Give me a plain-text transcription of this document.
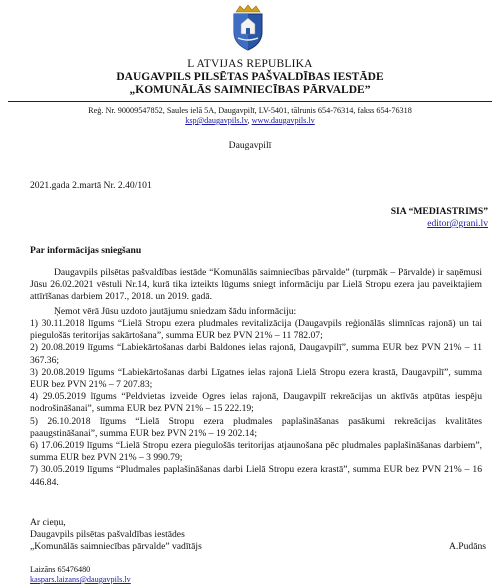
L ATVIJAS REPUBLIKA
DAUGAVPILS PILSĒTAS PAŠVALDĪBAS IESTĀDE
„KOMUNĀLĀS SAIMNIECĪBAS PĀRVALDE”
Reģ. Nr. 90009547852, Saules ielā 5A, Daugavpilī, LV-5401, tālrunis 654-76314, fakss 654-76318
ksp@daugavpils.lv, www.daugavpils.lv
Daugavpilī
2021.gada 2.martā Nr. 2.40/101
SIA “MEDIASTRIMS”
editor@grani.lv
Par informācijas sniegšanu
Daugavpils pilsētas pašvaldības iestāde “Komunālās saimniecības pārvalde” (turpmāk – Pārvalde) ir saņēmusi Jūsu 26.02.2021 vēstuli Nr.14, kurā tika izteikts lūgums sniegt informāciju par Lielā Stropu ezera jau paveiktajiem attīrīšanas darbiem 2017., 2018. un 2019. gadā.
Ņemot vērā Jūsu uzdoto jautājumu sniedzam šādu informāciju:
1) 30.11.2018 līgums “Lielā Stropu ezera pludmales revitalizācija (Daugavpils reģionālās slimnīcas rajonā) un tai piegulošās teritorijas sakārtošana”, summa EUR bez PVN 21% – 11 782.07;
2) 20.08.2019 līgums “Labiekārtošanas darbi Baldones ielas rajonā, Daugavpilī”, summa EUR bez PVN 21% – 11 367.36;
3) 20.08.2019 līgums “Labiekārtošanas darbi Līgatnes ielas rajonā Lielā Stropu ezera krastā, Daugavpilī”, summa EUR bez PVN 21% – 7 207.83;
4) 29.05.2019 līgums “Peldvietas izveide Ogres ielas rajonā, Daugavpilī rekreācijas un aktīvās atpūtas iespēju nodrošināšanai”, summa EUR bez PVN 21% – 15 222.19;
5) 26.10.2018 līgums “Lielā Stropu ezera pludmales paplašināšanas pasākumi rekreācijas kvalitātes paaugstināšanai”, summa EUR bez PVN 21% – 19 202.14;
6) 17.06.2019 līgums “Lielā Stropu ezera piegulošās teritorijas atjaunošana pēc pludmales paplašināšanas darbiem”, summa EUR bez PVN 21% – 3 990.79;
7) 30.05.2019 līgums “Pludmales paplašināšanas darbi Lielā Stropu ezera krastā”, summa EUR bez PVN 21% – 16 446.84.
Ar cieņu,
Daugavpils pilsētas pašvaldības iestādes
„Komunālās saimniecības pārvalde” vadītājs	A.Pudāns
Laizāns 65476480
kaspars.laizans@daugavpils.lv
